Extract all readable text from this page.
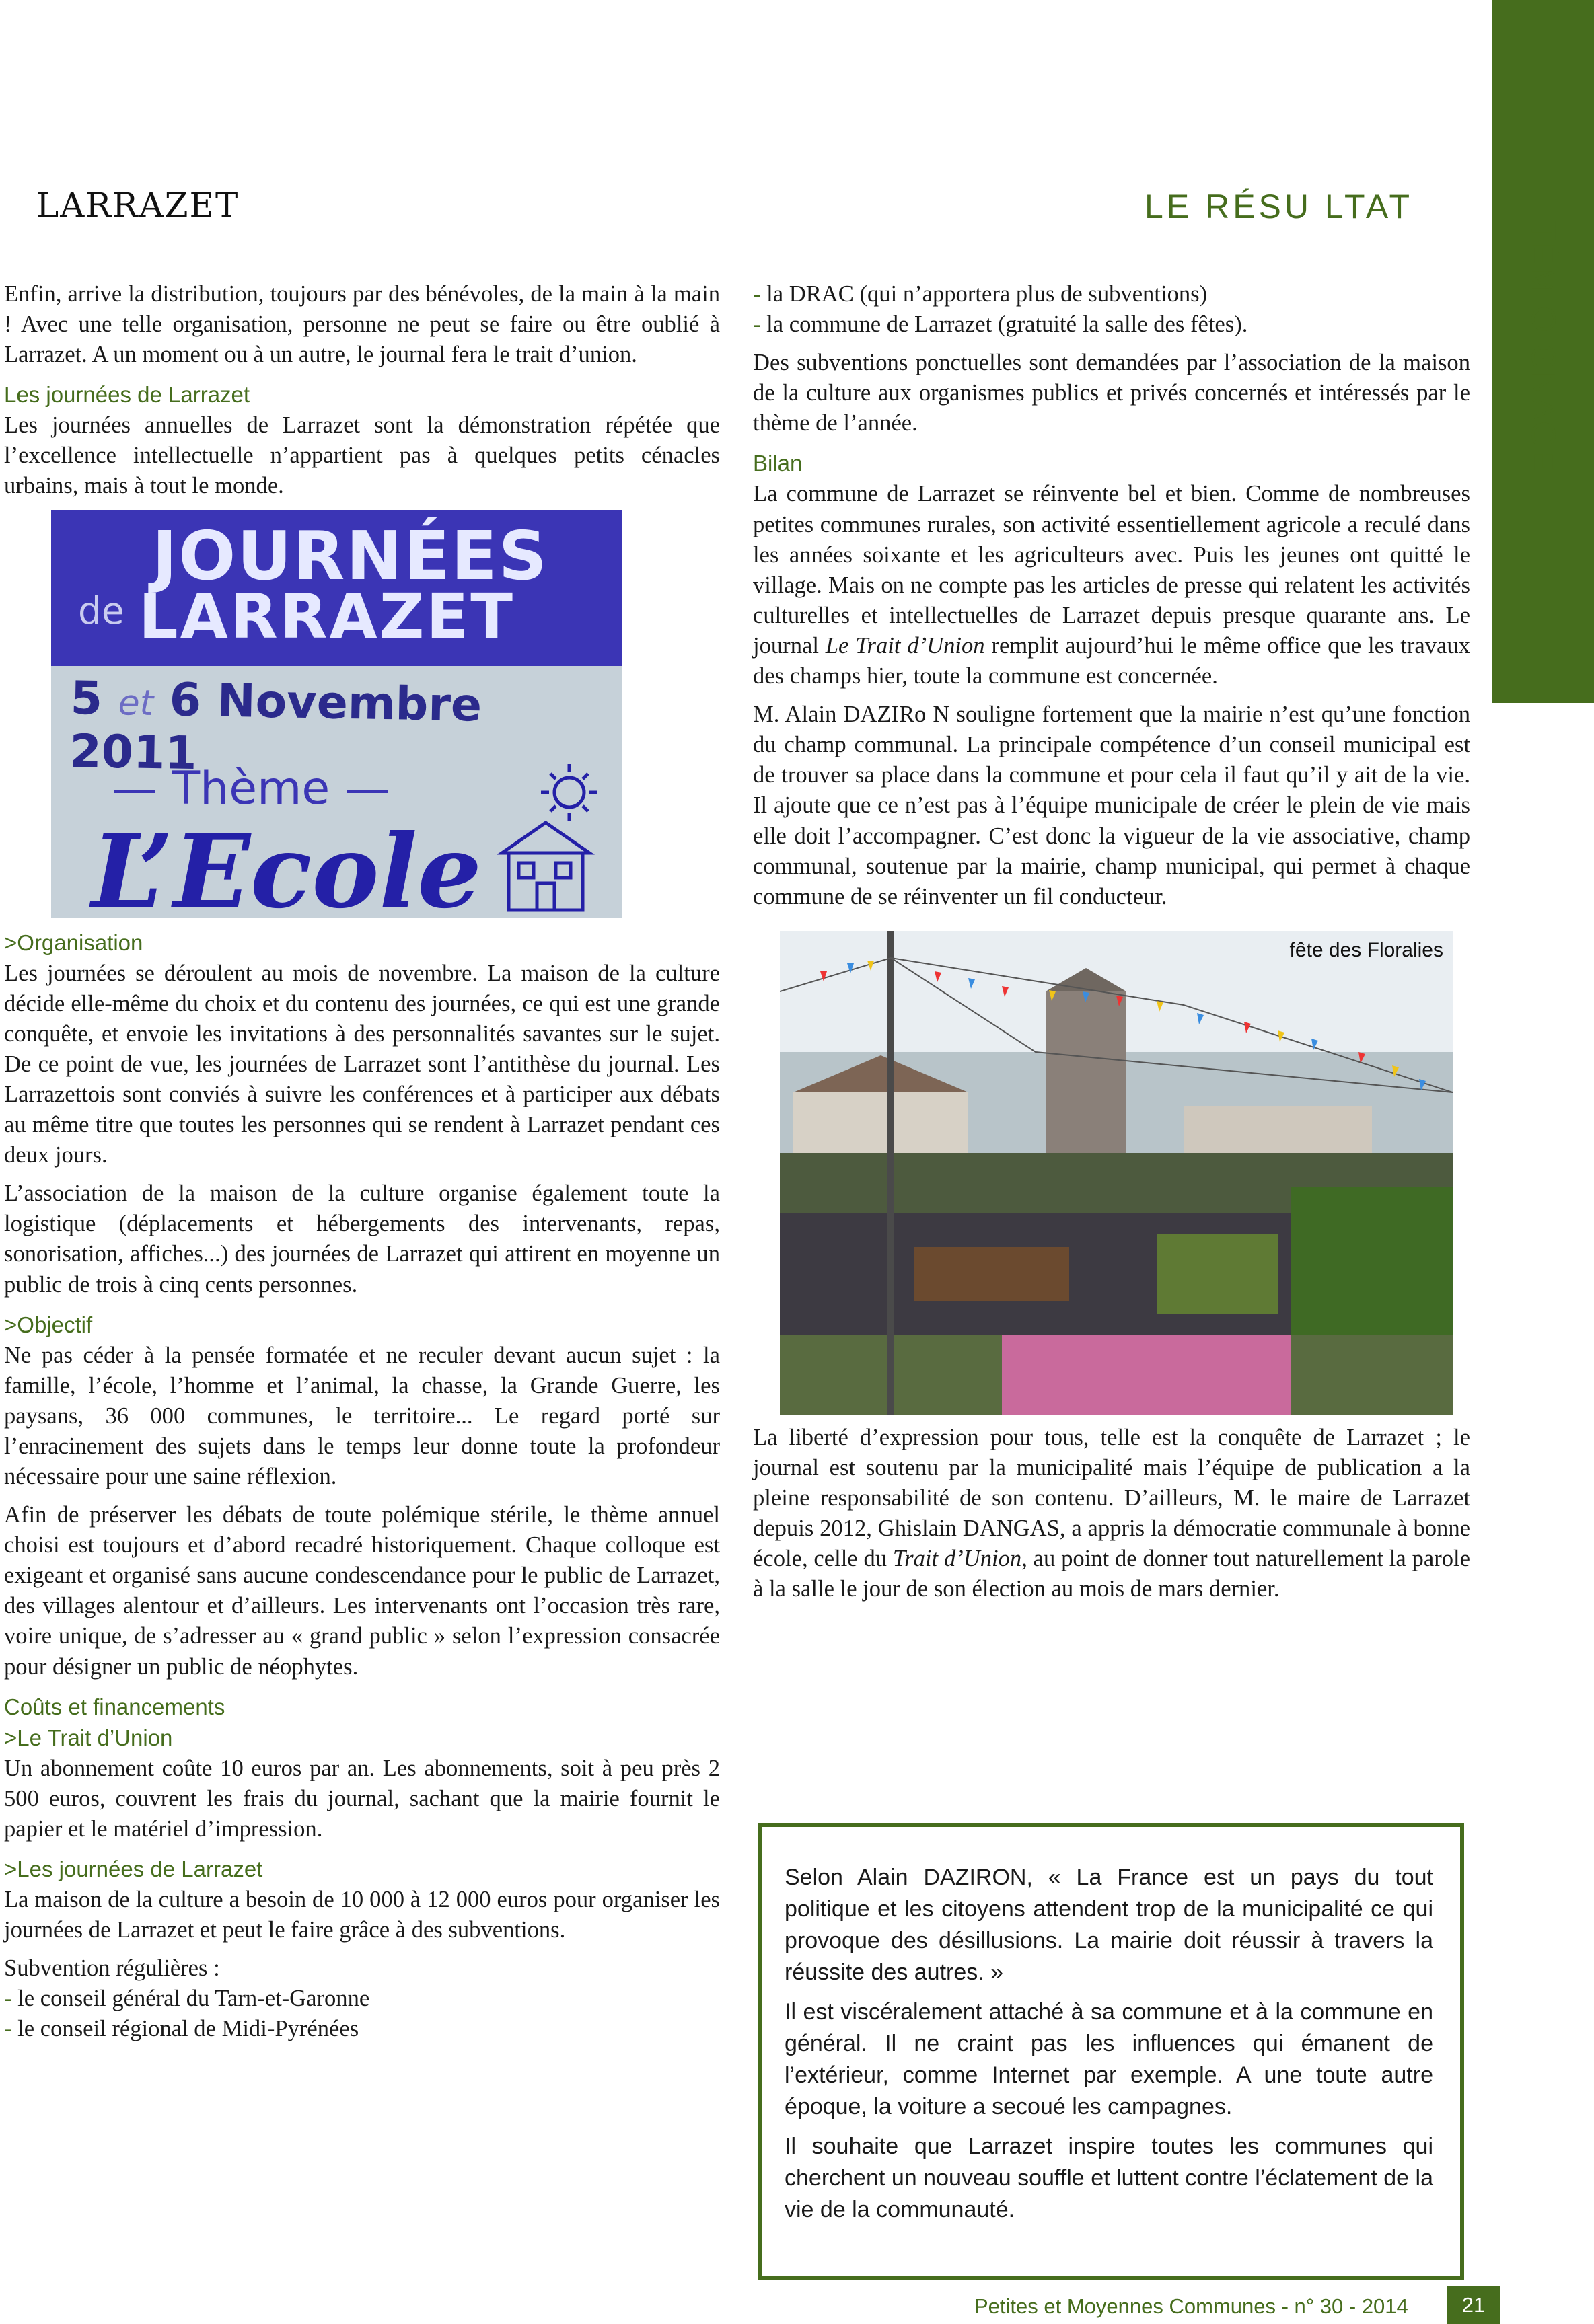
TÉM OIGNAGE
LARRAZET	LE RÉSU LTAT

Enfin, arrive la distribution, toujours par des bénévoles, de la main à la main ! Avec une telle organisation, personne ne peut se faire ou être oublié à Larrazet. A un moment ou à un autre, le journal fera le trait d’union.

Les journées de Larrazet

Les journées annuelles de Larrazet sont la démonstration répétée que l’excellence intellectuelle n’appartient pas à quelques petits cénacles urbains, mais à tout le monde.

JOURNÉES
de LARRAZET
5 et 6 Novembre 2011
— Thème —
L’Ecole
>Organisation

Les journées se déroulent au mois de novembre. La maison de la culture décide elle-même du choix et du contenu des journées, ce qui est une grande conquête, et envoie les invitations à des personnalités savantes sur le sujet. De ce point de vue, les journées de Larrazet sont l’antithèse du journal. Les Larrazettois sont conviés à suivre les conférences et à participer aux débats au même titre que toutes les personnes qui se rendent à Larrazet pendant ces deux jours.

L’association de la maison de la culture organise également toute la logistique (déplacements et hébergements des intervenants, repas, sonorisation, affiches...) des journées de Larrazet qui attirent en moyenne un public de trois à cinq cents personnes.

>Objectif

Ne pas céder à la pensée formatée et ne reculer devant aucun sujet : la famille, l’école, l’homme et l’animal, la chasse, la Grande Guerre, les paysans, 36 000 communes, le territoire... Le regard porté sur l’enracinement des sujets dans le temps leur donne toute la profondeur nécessaire pour une saine réflexion.

Afin de préserver les débats de toute polémique stérile, le thème annuel choisi est toujours et d’abord recadré historiquement. Chaque colloque est exigeant et organisé sans aucune condescendance pour le public de Larrazet, des villages alentour et d’ailleurs. Les intervenants ont l’occasion très rare, voire unique, de s’adresser au « grand public » selon l’expression consacrée pour désigner un public de néophytes.

Coûts et financements
>Le Trait d’Union

Un abonnement coûte 10 euros par an. Les abonnements, soit à peu près 2 500 euros, couvrent les frais du journal, sachant que la mairie fournit le papier et le matériel d’impression.

>Les journées de Larrazet

La maison de la culture a besoin de 10 000 à 12 000 euros pour organiser les journées de Larrazet et peut le faire grâce à des subventions.

Subvention régulières :

- le conseil général du Tarn-et-Garonne

- le conseil régional de Midi-Pyrénées

- la DRAC (qui n’apportera plus de subventions)

- la commune de Larrazet (gratuité la salle des fêtes).

Des subventions ponctuelles sont demandées par l’association de la maison de la culture aux organismes publics et privés concernés et intéressés par le thème de l’année.

Bilan

La commune de Larrazet se réinvente bel et bien. Comme de nombreuses petites communes rurales, son activité essentiellement agricole a reculé dans les années soixante et les agriculteurs avec. Puis les jeunes ont quitté le village. Mais on ne compte pas les articles de presse qui relatent les activités culturelles et intellectuelles de Larrazet depuis presque quarante ans. Le journal Le Trait d’Union remplit aujourd’hui le même office que les travaux des champs hier, toute la commune est concernée.

M. Alain DAZIRo N souligne fortement que la mairie n’est qu’une fonction du champ communal. La principale compétence d’un conseil municipal est de trouver sa place dans la commune et pour cela il faut qu’il y ait de la vie. Il ajoute que ce n’est pas à l’équipe municipale de créer le plein de vie mais elle doit l’accompagner. C’est donc la vigueur de la vie associative, champ communal, soutenue par la mairie, champ municipal, qui permet à chaque commune de se réinventer un fil conducteur.

fête des Floralies

La liberté d’expression pour tous, telle est la conquête de Larrazet ; le journal est soutenu par la municipalité mais l’équipe de publication a la pleine responsabilité de son contenu. D’ailleurs, M. le maire de Larrazet depuis 2012, Ghislain DANGAS, a appris la démocratie communale à bonne école, celle du Trait d’Union, au point de donner tout naturellement la parole à la salle le jour de son élection au mois de mars dernier.

Selon Alain DAZIRON, « La France est un pays du tout politique et les citoyens attendent trop de la municipalité ce qui provoque des désillusions. La mairie doit réussir à travers la réussite des autres. »

Il est viscéralement attaché à sa commune et à la commune en général. Il ne craint pas les influences qui émanent de l’extérieur, comme Internet par exemple. A une toute autre époque, la voiture a secoué les campagnes.

Il souhaite que Larrazet inspire toutes les communes qui cherchent un nouveau souffle et luttent contre l’éclatement de la vie de la communauté.

Petites et Moyennes Communes - n° 30 - 2014	21
